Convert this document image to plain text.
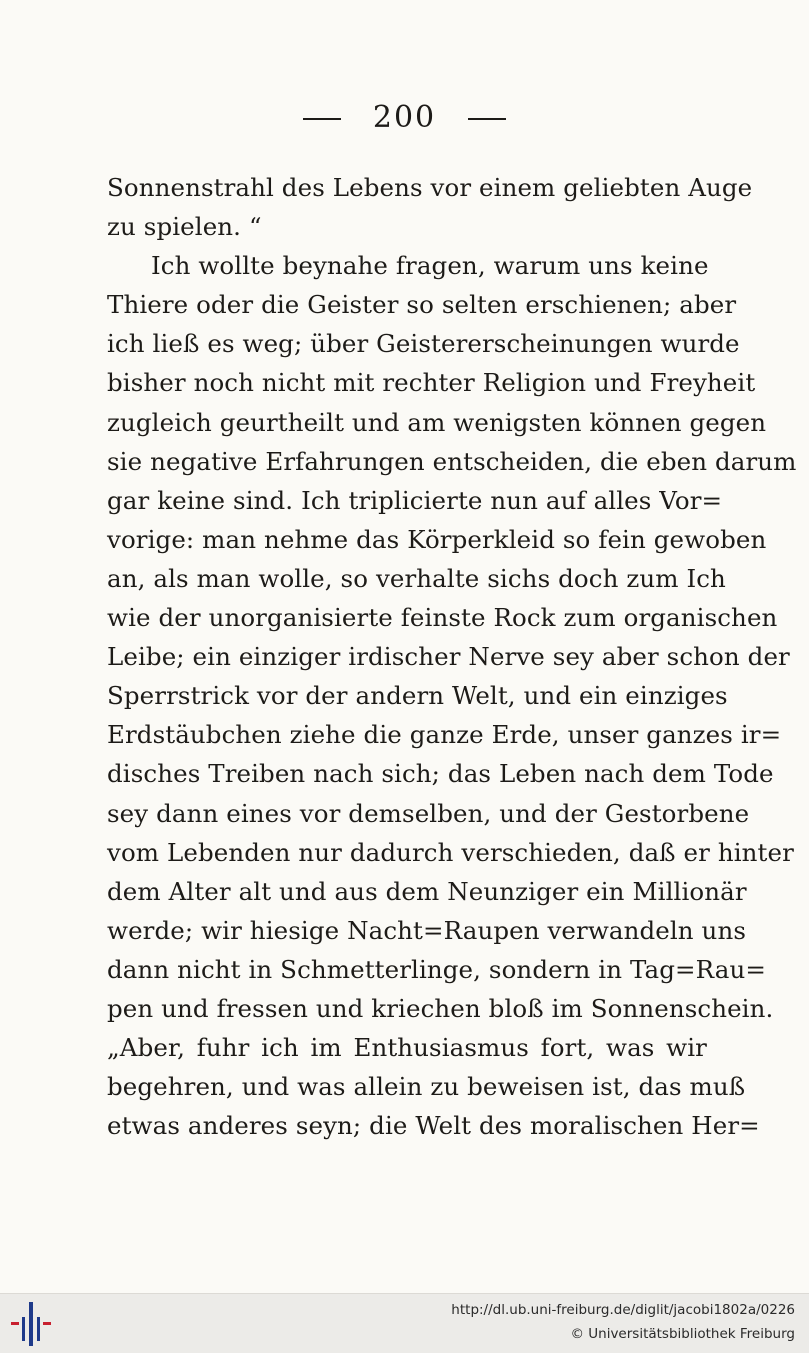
200
Sonnenstrahl des Lebens vor einem geliebten Auge
zu spielen. “
Ich wollte beynahe fragen, warum uns keine
Thiere oder die Geister so selten erschienen; aber
ich ließ es weg; über Geistererscheinungen wurde
bisher noch nicht mit rechter Religion und Freyheit
zugleich geurtheilt und am wenigsten können gegen
sie negative Erfahrungen entscheiden, die eben darum
gar keine sind. Ich triplicierte nun auf alles Vor=
vorige: man nehme das Körperkleid so fein gewoben
an, als man wolle, so verhalte sichs doch zum Ich
wie der unorganisierte feinste Rock zum organischen
Leibe; ein einziger irdischer Nerve sey aber schon der
Sperrstrick vor der andern Welt, und ein einziges
Erdstäubchen ziehe die ganze Erde, unser ganzes ir=
disches Treiben nach sich; das Leben nach dem Tode
sey dann eines vor demselben, und der Gestorbene
vom Lebenden nur dadurch verschieden, daß er hinter
dem Alter alt und aus dem Neunziger ein Millionär
werde; wir hiesige Nacht=Raupen verwandeln uns
dann nicht in Schmetterlinge, sondern in Tag=Rau=
pen und fressen und kriechen bloß im Sonnenschein.
„Aber, fuhr ich im Enthusiasmus fort, was wir
begehren, und was allein zu beweisen ist, das muß
etwas anderes seyn; die Welt des moralischen Her=
http://dl.ub.uni-freiburg.de/diglit/jacobi1802a/0226
© Universitätsbibliothek Freiburg
